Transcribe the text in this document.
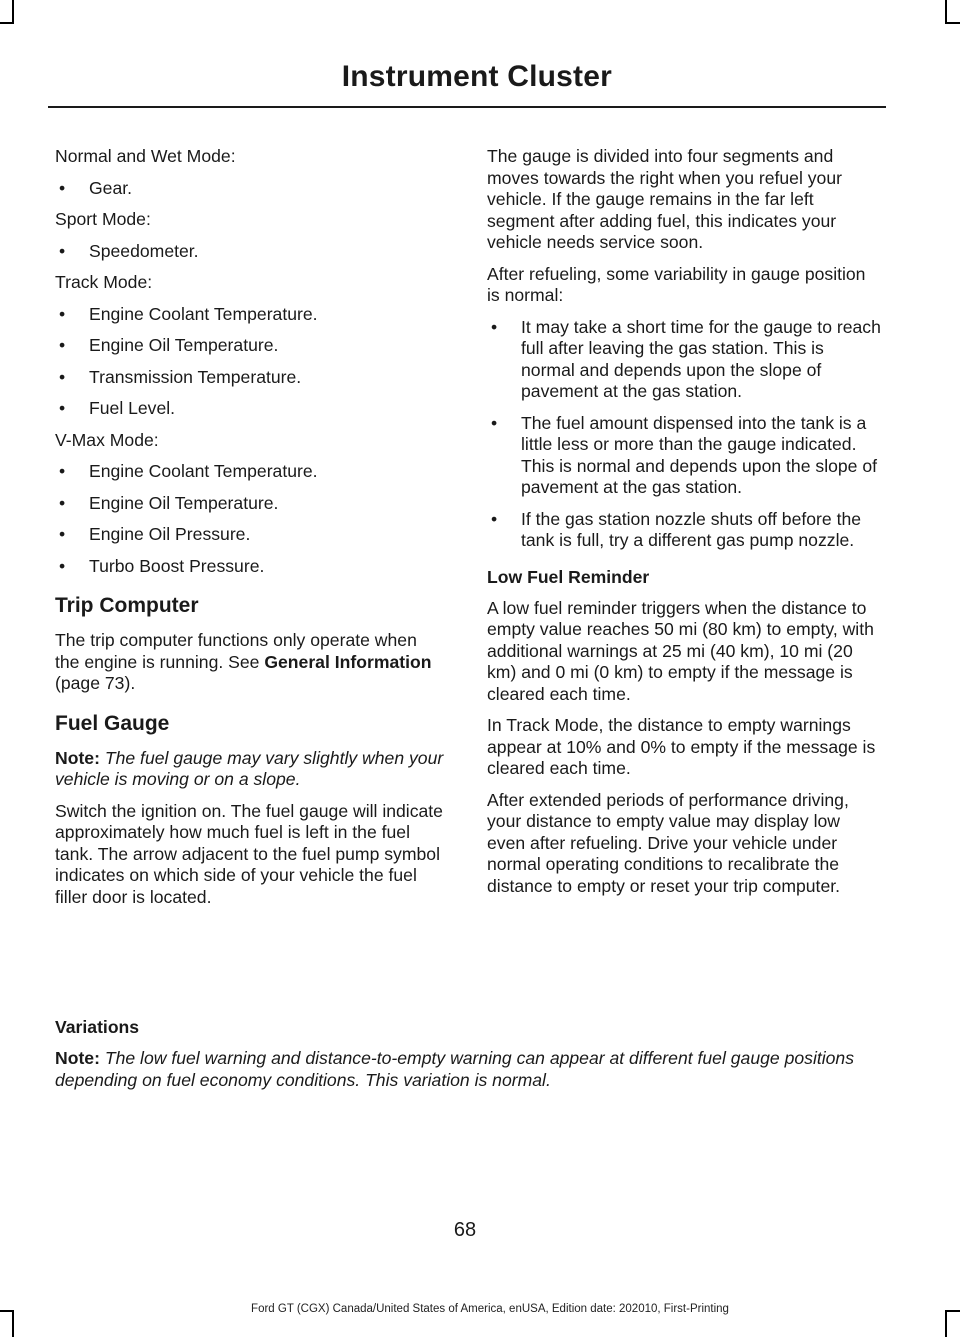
Instrument Cluster

Normal and Wet Mode:

• Gear.

Sport Mode:

• Speedometer.

Track Mode:

• Engine Coolant Temperature.
• Engine Oil Temperature.
• Transmission Temperature.
• Fuel Level.

V-Max Mode:

• Engine Coolant Temperature.
• Engine Oil Temperature.
• Engine Oil Pressure.
• Turbo Boost Pressure.
Trip Computer

The trip computer functions only operate when the engine is running. See General Information (page 73).

Fuel Gauge

Note: The fuel gauge may vary slightly when your vehicle is moving or on a slope.

Switch the ignition on. The fuel gauge will indicate approximately how much fuel is left in the fuel tank. The arrow adjacent to the fuel pump symbol indicates on which side of your vehicle the fuel filler door is located.

The gauge is divided into four segments and moves towards the right when you refuel your vehicle. If the gauge remains in the far left segment after adding fuel, this indicates your vehicle needs service soon.

After refueling, some variability in gauge position is normal:

• It may take a short time for the gauge to reach full after leaving the gas station. This is normal and depends upon the slope of pavement at the gas station.
• The fuel amount dispensed into the tank is a little less or more than the gauge indicated. This is normal and depends upon the slope of pavement at the gas station.
• If the gas station nozzle shuts off before the tank is full, try a different gas pump nozzle.
Low Fuel Reminder

A low fuel reminder triggers when the distance to empty value reaches 50 mi (80 km) to empty, with additional warnings at 25 mi (40 km), 10 mi (20 km) and 0 mi (0 km) to empty if the message is cleared each time.

In Track Mode, the distance to empty warnings appear at 10% and 0% to empty if the message is cleared each time.

After extended periods of performance driving, your distance to empty value may display low even after refueling. Drive your vehicle under normal operating conditions to recalibrate the distance to empty or reset your trip computer.

Variations

Note: The low fuel warning and distance-to-empty warning can appear at different fuel gauge positions depending on fuel economy conditions. This variation is normal.

68
Ford GT (CGX) Canada/United States of America, enUSA, Edition date: 202010, First-Printing
